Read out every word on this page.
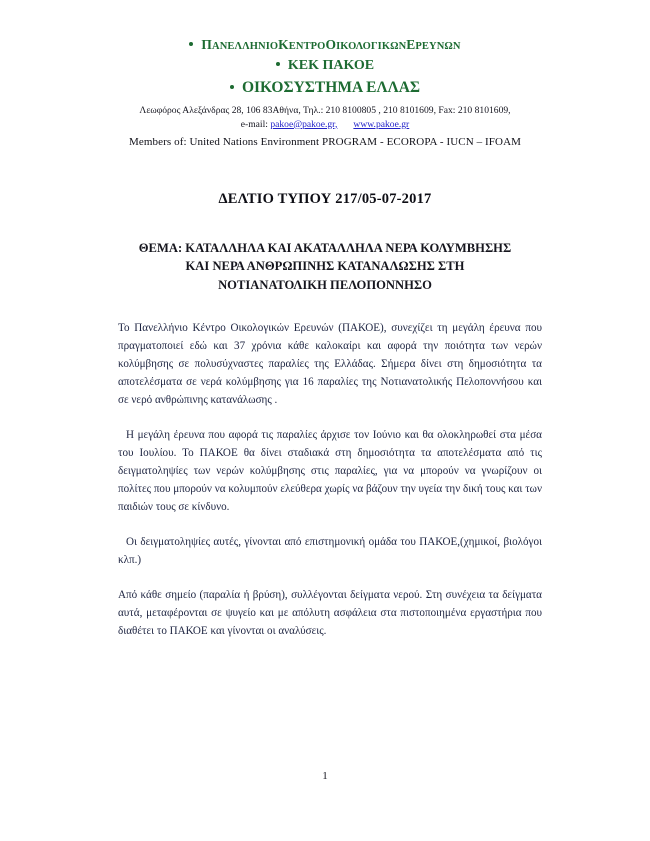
ΠΑΝΕΛΛΗΝΙΟΚΕΝΤΡΟΟΙΚΟΛΟΓΙΚΩΝΕΡΕΥΝΩΝ
ΚΕΚ ΠΑΚΟΕ
ΟΙΚΟΣΥΣΤΗΜΑ ΕΛΛΑΣ
Λεωφόρος Αλεξάνδρας 28, 106 83Αθήνα, Τηλ.: 210 8100805 , 210 8101609, Fax: 210 8101609,
e-mail: pakoe@pakoe.gr, www.pakoe.gr
Members of: United Nations Environment PROGRAM - ECOROPA - IUCN – IFOAM
ΔΕΛΤΙΟ ΤΥΠΟΥ 217/05-07-2017
ΘΕΜΑ: ΚΑΤΑΛΛΗΛΑ ΚΑΙ ΑΚΑΤΑΛΛΗΛΑ ΝΕΡΑ ΚΟΛΥΜΒΗΣΗΣ
ΚΑΙ ΝΕΡΑ ΑΝΘΡΩΠΙΝΗΣ ΚΑΤΑΝΑΛΩΣΗΣ ΣΤΗ
ΝΟΤΙΑΝΑΤΟΛΙΚΗ ΠΕΛΟΠΟΝΝΗΣΟ

Το Πανελλήνιο Κέντρο Οικολογικών Ερευνών (ΠΑΚΟΕ), συνεχίζει τη μεγάλη έρευνα που πραγματοποιεί εδώ και 37 χρόνια κάθε καλοκαίρι και αφορά την ποιότητα των νερών κολύμβησης σε πολυσύχναστες παραλίες της Ελλάδας. Σήμερα δίνει στη δημοσιότητα τα αποτελέσματα σε νερά κολύμβησης για 16 παραλίες της Νοτιανατολικής Πελοποννήσου και σε νερό ανθρώπινης κατανάλωσης .

Η μεγάλη έρευνα που αφορά τις παραλίες άρχισε τον Ιούνιο και θα ολοκληρωθεί στα μέσα του Ιουλίου. Το ΠΑΚΟΕ θα δίνει σταδιακά στη δημοσιότητα τα αποτελέσματα από τις δειγματοληψίες των νερών κολύμβησης στις παραλίες, για να μπορούν να γνωρίζουν οι πολίτες που μπορούν να κολυμπούν ελεύθερα χωρίς να βάζουν την υγεία την δική τους και των παιδιών τους σε κίνδυνο.

Οι δειγματοληψίες αυτές, γίνονται από επιστημονική ομάδα του ΠΑΚΟΕ,(χημικοί, βιολόγοι κλπ.)

Από κάθε σημείο (παραλία ή βρύση), συλλέγονται δείγματα νερού. Στη συνέχεια τα δείγματα αυτά, μεταφέρονται σε ψυγείο και με απόλυτη ασφάλεια στα πιστοποιημένα εργαστήρια που διαθέτει το ΠΑΚΟΕ και γίνονται οι αναλύσεις.

1
